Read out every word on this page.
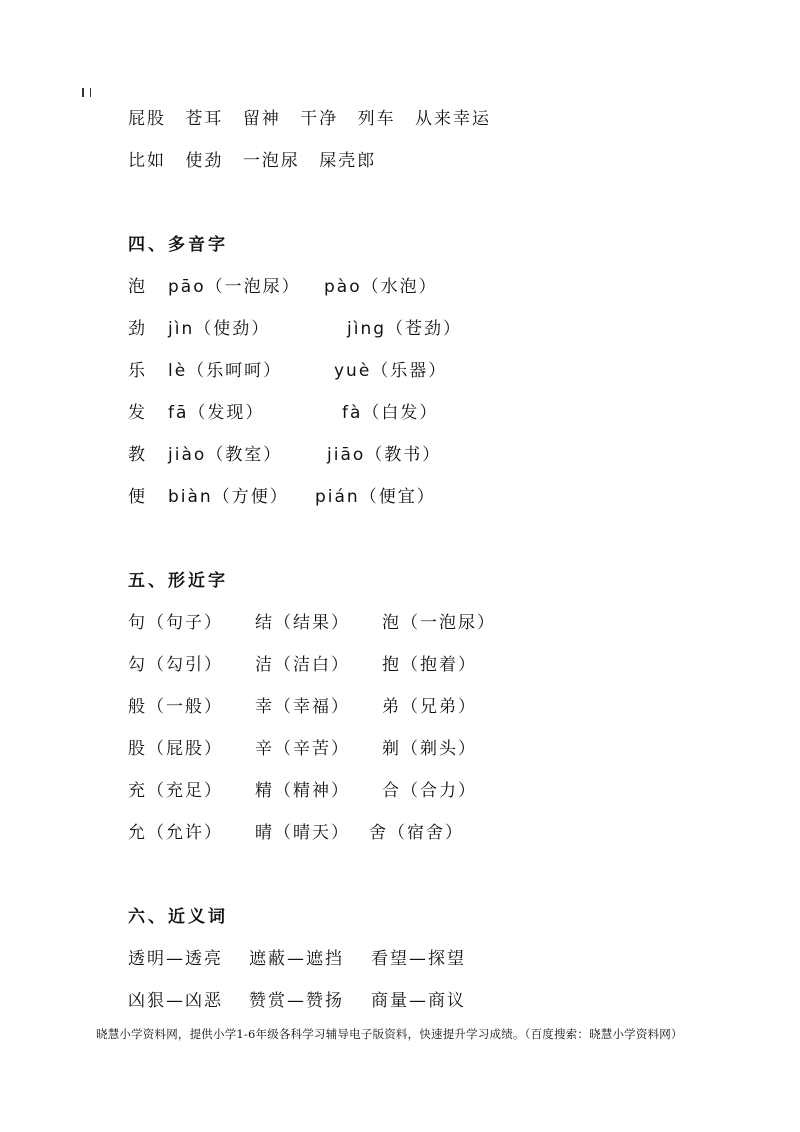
屁股 苍耳 留神 干净 列车 从来幸运
比如 使劲 一泡尿 屎壳郎
四、多音字
泡 pāo（一泡尿） pào（水泡）
劲 jìn（使劲）	jìng（苍劲）
乐 lè（乐呵呵）	yuè（乐器）
发 fā（发现）	fà（白发）
教 jiào（教室）	jiāo（教书）
便 biàn（方便） pián（便宜）
五、形近字
句（句子） 结（结果） 泡（一泡尿）
勾（勾引） 洁（洁白） 抱（抱着）
般（一般） 幸（幸福） 弟（兄弟）
股（屁股） 辛（辛苦） 剃（剃头）
充（充足） 精（精神） 合（合力）
允（允许） 晴（晴天） 舍（宿舍）
六、近义词
透明—透亮 遮蔽—遮挡 看望—探望
凶狠—凶恶 赞赏—赞扬 商量—商议
晓慧小学资料网，提供小学1-6年级各科学习辅导电子版资料，快速提升学习成绩。（百度搜索：晓慧小学资料网）
